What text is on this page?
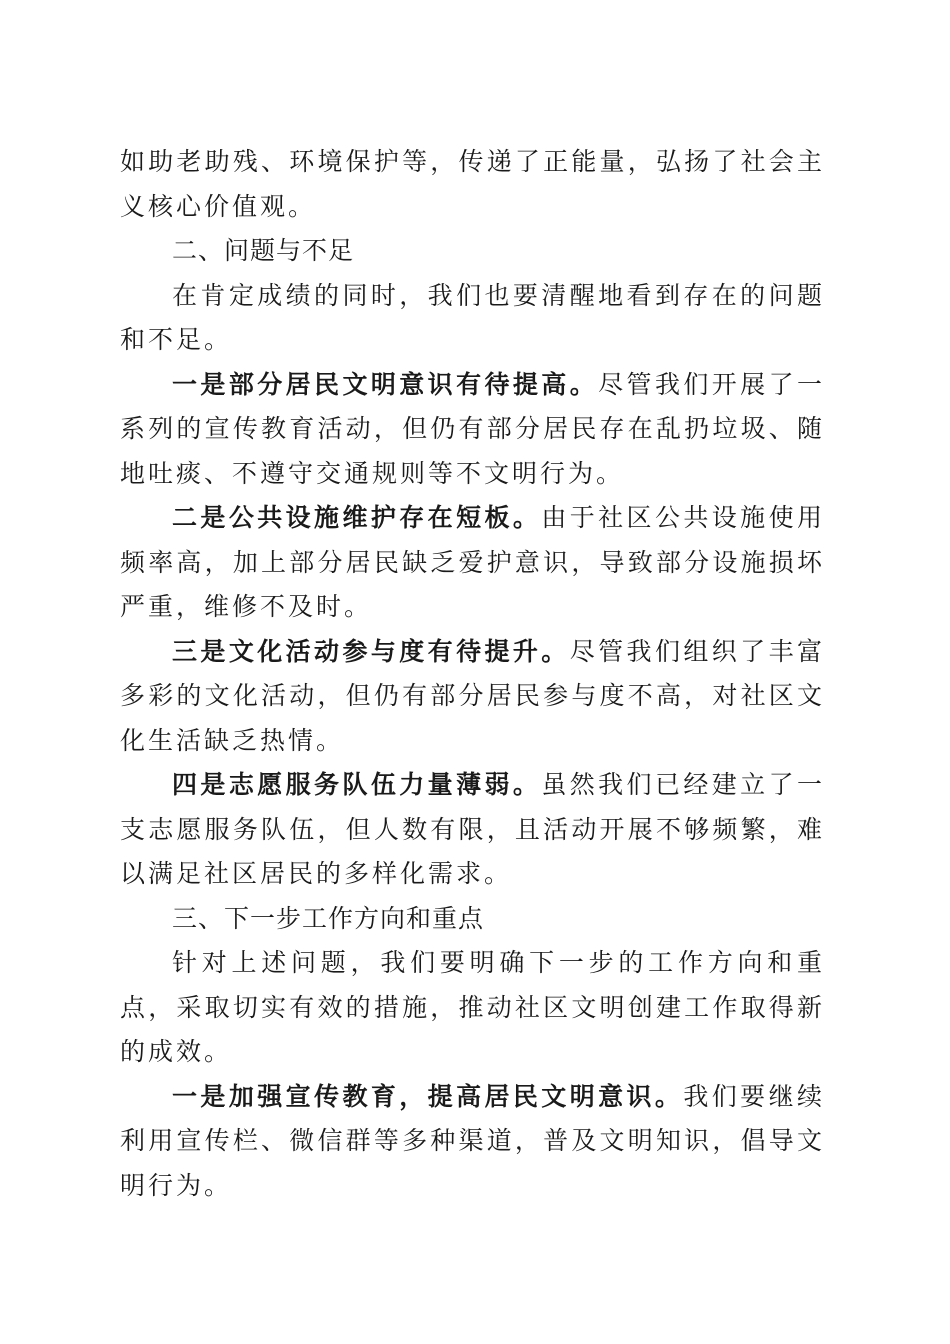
如助老助残、环境保护等，传递了正能量，弘扬了社会主义核心价值观。

二、问题与不足

在肯定成绩的同时，我们也要清醒地看到存在的问题和不足。

一是部分居民文明意识有待提高。尽管我们开展了一系列的宣传教育活动，但仍有部分居民存在乱扔垃圾、随地吐痰、不遵守交通规则等不文明行为。

二是公共设施维护存在短板。由于社区公共设施使用频率高，加上部分居民缺乏爱护意识，导致部分设施损坏严重，维修不及时。

三是文化活动参与度有待提升。尽管我们组织了丰富多彩的文化活动，但仍有部分居民参与度不高，对社区文化生活缺乏热情。

四是志愿服务队伍力量薄弱。虽然我们已经建立了一支志愿服务队伍，但人数有限，且活动开展不够频繁，难以满足社区居民的多样化需求。

三、下一步工作方向和重点

针对上述问题，我们要明确下一步的工作方向和重点，采取切实有效的措施，推动社区文明创建工作取得新的成效。

一是加强宣传教育，提高居民文明意识。我们要继续利用宣传栏、微信群等多种渠道，普及文明知识，倡导文明行为。
